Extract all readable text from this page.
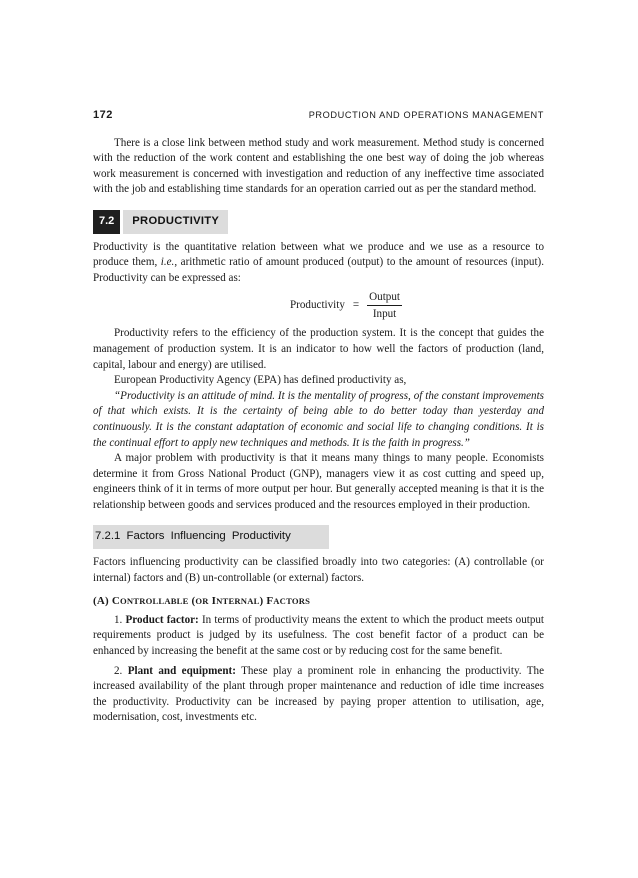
172	PRODUCTION AND OPERATIONS MANAGEMENT

There is a close link between method study and work measurement. Method study is concerned with the reduction of the work content and establishing the one best way of doing the job whereas work measurement is concerned with investigation and reduction of any ineffective time associated with the job and establishing time standards for an operation carried out as per the standard method.

7.2	PRODUCTIVITY

Productivity is the quantitative relation between what we produce and we use as a resource to produce them, i.e., arithmetic ratio of amount produced (output) to the amount of resources (input). Productivity can be expressed as:

Productivity = $\frac{\text{Output}}{\text{Input}}$

Productivity refers to the efficiency of the production system. It is the concept that guides the management of production system. It is an indicator to how well the factors of production (land, capital, labour and energy) are utilised.

European Productivity Agency (EPA) has defined productivity as,

“Productivity is an attitude of mind. It is the mentality of progress, of the constant improvements of that which exists. It is the certainty of being able to do better today than yesterday and continuously. It is the constant adaptation of economic and social life to changing conditions. It is the continual effort to apply new techniques and methods. It is the faith in progress.”

A major problem with productivity is that it means many things to many people. Economists determine it from Gross National Product (GNP), managers view it as cost cutting and speed up, engineers think of it in terms of more output per hour. But generally accepted meaning is that it is the relationship between goods and services produced and the resources employed in their production.

7.2.1 Factors Influencing Productivity

Factors influencing productivity can be classified broadly into two categories: (A) controllable (or internal) factors and (B) un-controllable (or external) factors.

(A) CONTROLLABLE (OR INTERNAL) FACTORS

1. Product factor: In terms of productivity means the extent to which the product meets output requirements product is judged by its usefulness. The cost benefit factor of a product can be enhanced by increasing the benefit at the same cost or by reducing cost for the same benefit.

2. Plant and equipment: These play a prominent role in enhancing the productivity. The increased availability of the plant through proper maintenance and reduction of idle time increases the productivity. Productivity can be increased by paying proper attention to utilisation, age, modernisation, cost, investments etc.
